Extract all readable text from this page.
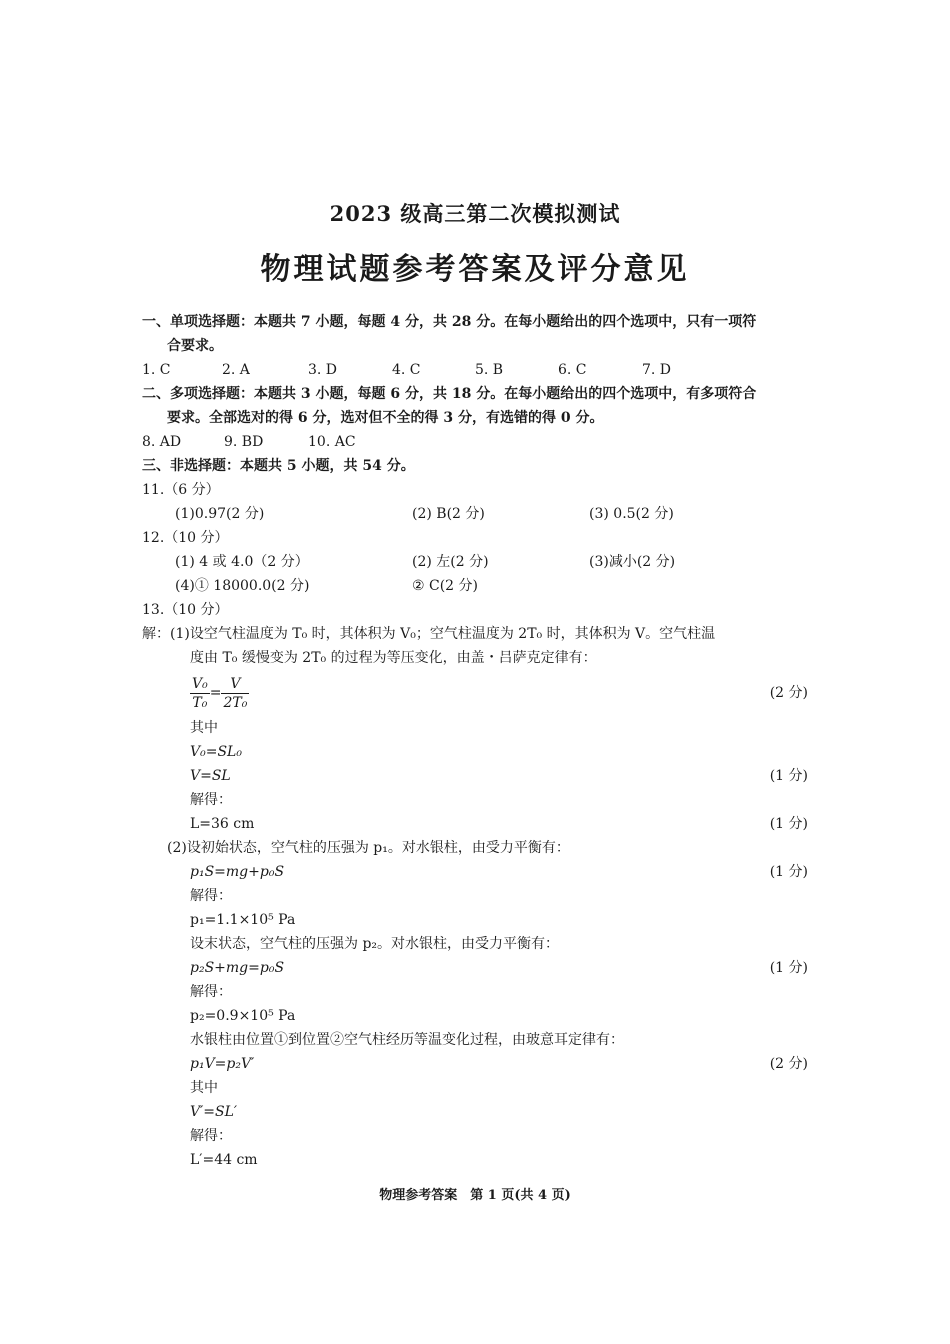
2023 级高三第二次模拟测试
物理试题参考答案及评分意见
一、单项选择题：本题共 7 小题，每题 4 分，共 28 分。在每小题给出的四个选项中，只有一项符
合要求。
1. C	2. A	3. D	4. C	5. B	6. C	7. D
二、多项选择题：本题共 3 小题，每题 6 分，共 18 分。在每小题给出的四个选项中，有多项符合
要求。全部选对的得 6 分，选对但不全的得 3 分，有选错的得 0 分。
8. AD	9. BD	10. AC
三、非选择题：本题共 5 小题，共 54 分。
11.（6 分）
(1)0.97(2 分)	(2) B(2 分)	(3) 0.5(2 分)
12.（10 分）
(1) 4 或 4.0（2 分）	(2) 左(2 分)	(3)减小(2 分)
(4)① 18000.0(2 分)	② C(2 分)
13.（10 分）
解：(1)设空气柱温度为 T₀ 时，其体积为 V₀；空气柱温度为 2T₀ 时，其体积为 V。空气柱温
度由 T₀ 缓慢变为 2T₀ 的过程为等压变化，由盖・吕萨克定律有：
$\frac{\text{V₀}}{\text{T₀}} = \frac{V}{\text{2T₀}}$	(2 分)
其中
V₀=SL₀
V=SL	(1 分)
解得：
L=36 cm	(1 分)
(2)设初始状态，空气柱的压强为 p₁。对水银柱，由受力平衡有：
p₁S=mg+p₀S	(1 分)
解得：
p₁=1.1×10⁵ Pa
设末状态，空气柱的压强为 p₂。对水银柱，由受力平衡有：
p₂S+mg=p₀S	(1 分)
解得：
p₂=0.9×10⁵ Pa
水银柱由位置①到位置②空气柱经历等温变化过程，由玻意耳定律有：
p₁V=p₂V′	(2 分)
其中
V′=SL′
解得：
L′=44 cm
物理参考答案　第 1 页(共 4 页)
